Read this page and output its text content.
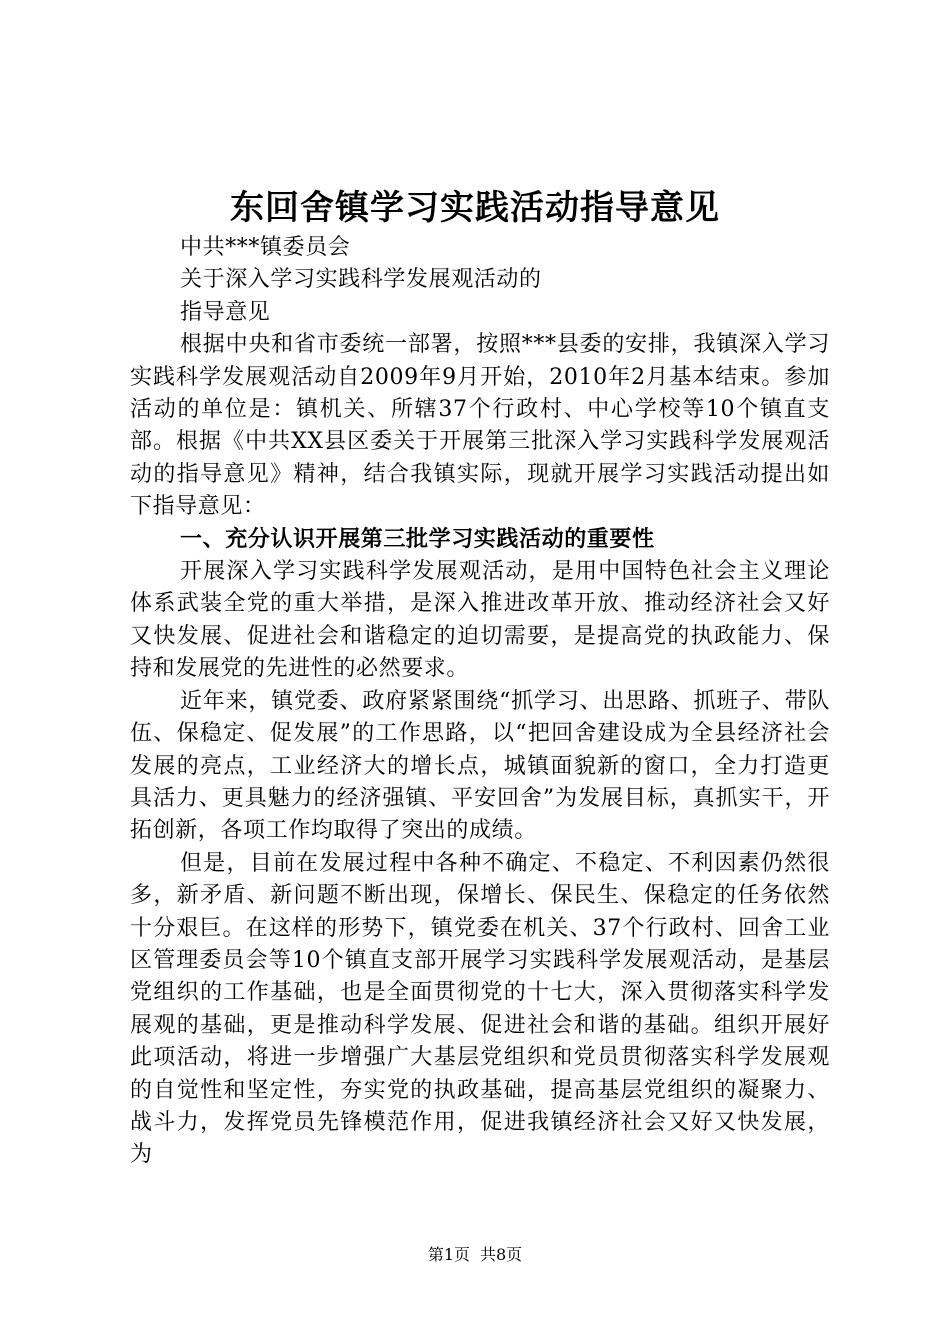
东回舍镇学习实践活动指导意见

中共***镇委员会

关于深入学习实践科学发展观活动的

指导意见

根据中央和省市委统一部署，按照***县委的安排，我镇深入学习实践科学发展观活动自2009年9月开始，2010年2月基本结束。参加活动的单位是：镇机关、所辖37个行政村、中心学校等10个镇直支部。根据《中共XX县区委关于开展第三批深入学习实践科学发展观活动的指导意见》精神，结合我镇实际，现就开展学习实践活动提出如下指导意见：

一、充分认识开展第三批学习实践活动的重要性

开展深入学习实践科学发展观活动，是用中国特色社会主义理论体系武装全党的重大举措，是深入推进改革开放、推动经济社会又好又快发展、促进社会和谐稳定的迫切需要，是提高党的执政能力、保持和发展党的先进性的必然要求。

近年来，镇党委、政府紧紧围绕“抓学习、出思路、抓班子、带队伍、保稳定、促发展”的工作思路，以“把回舍建设成为全县经济社会发展的亮点，工业经济大的增长点，城镇面貌新的窗口，全力打造更具活力、更具魅力的经济强镇、平安回舍”为发展目标，真抓实干，开拓创新，各项工作均取得了突出的成绩。

但是，目前在发展过程中各种不确定、不稳定、不利因素仍然很多，新矛盾、新问题不断出现，保增长、保民生、保稳定的任务依然十分艰巨。在这样的形势下，镇党委在机关、37个行政村、回舍工业区管理委员会等10个镇直支部开展学习实践科学发展观活动，是基层党组织的工作基础，也是全面贯彻党的十七大，深入贯彻落实科学发展观的基础，更是推动科学发展、促进社会和谐的基础。组织开展好此项活动，将进一步增强广大基层党组织和党员贯彻落实科学发展观的自觉性和坚定性，夯实党的执政基础，提高基层党组织的凝聚力、战斗力，发挥党员先锋模范作用，促进我镇经济社会又好又快发展，为

第1页 共8页
